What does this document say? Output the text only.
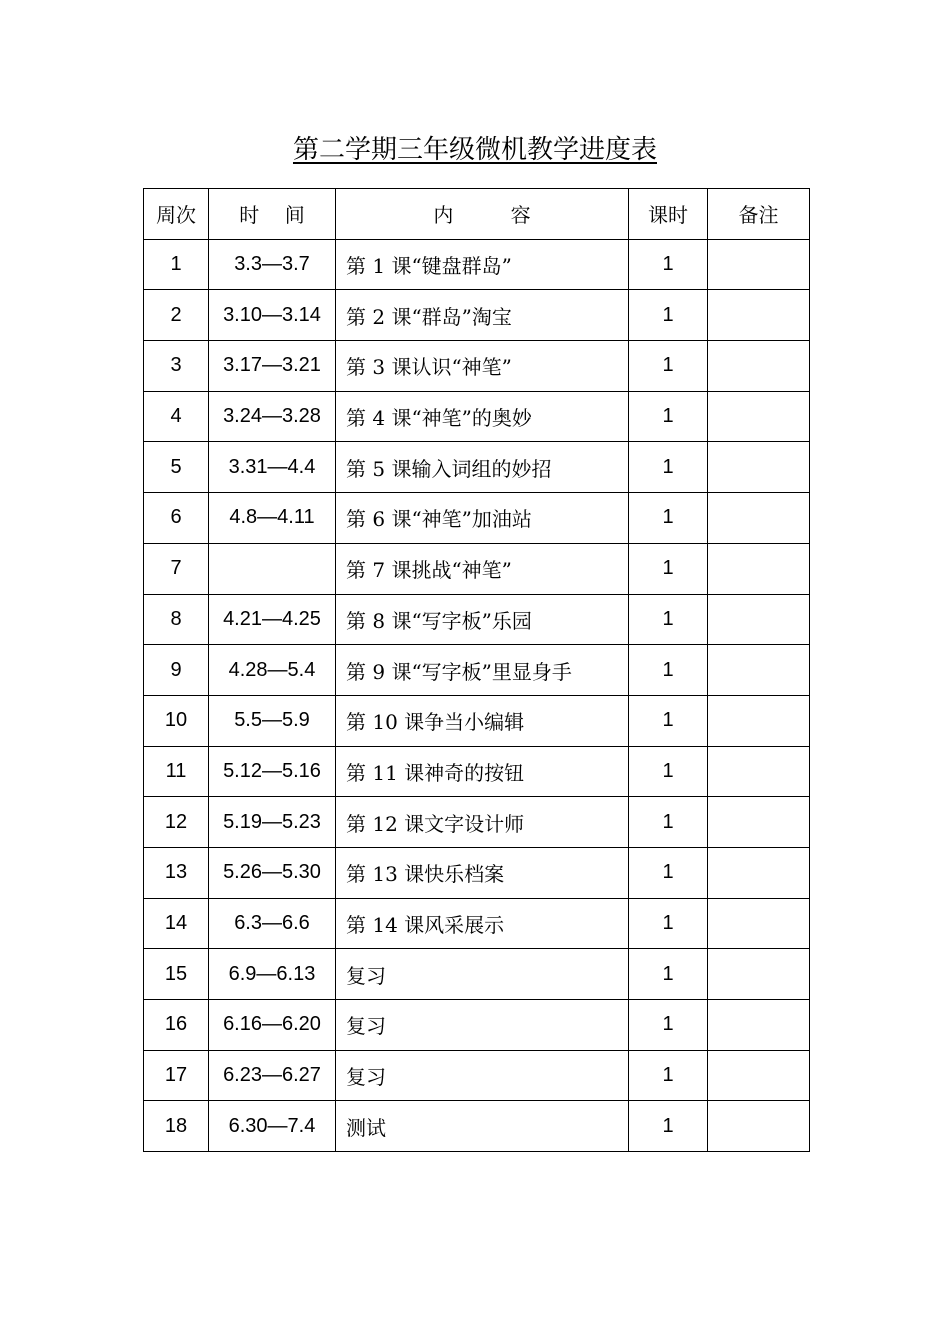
第二学期三年级微机教学进度表
周次	时    间	内         容	课时	备注
1	3.3—3.7	第 1 课“键盘群岛”	1	
2	3.10—3.14	第 2 课“群岛”淘宝	1	
3	3.17—3.21	第 3 课认识“神笔”	1	
4	3.24—3.28	第 4 课“神笔”的奥妙	1	
5	3.31—4.4	第 5 课输入词组的妙招	1	
6	4.8—4.11	第 6 课“神笔”加油站	1	
7		第 7 课挑战“神笔”	1	
8	4.21—4.25	第 8 课“写字板”乐园	1	
9	4.28—5.4	第 9 课“写字板”里显身手	1	
10	5.5—5.9	第 10 课争当小编辑	1	
11	5.12—5.16	第 11 课神奇的按钮	1	
12	5.19—5.23	第 12 课文字设计师	1	
13	5.26—5.30	第 13 课快乐档案	1	
14	6.3—6.6	第 14 课风采展示	1	
15	6.9—6.13	复习	1	
16	6.16—6.20	复习	1	
17	6.23—6.27	复习	1	
18	6.30—7.4	测试	1	
